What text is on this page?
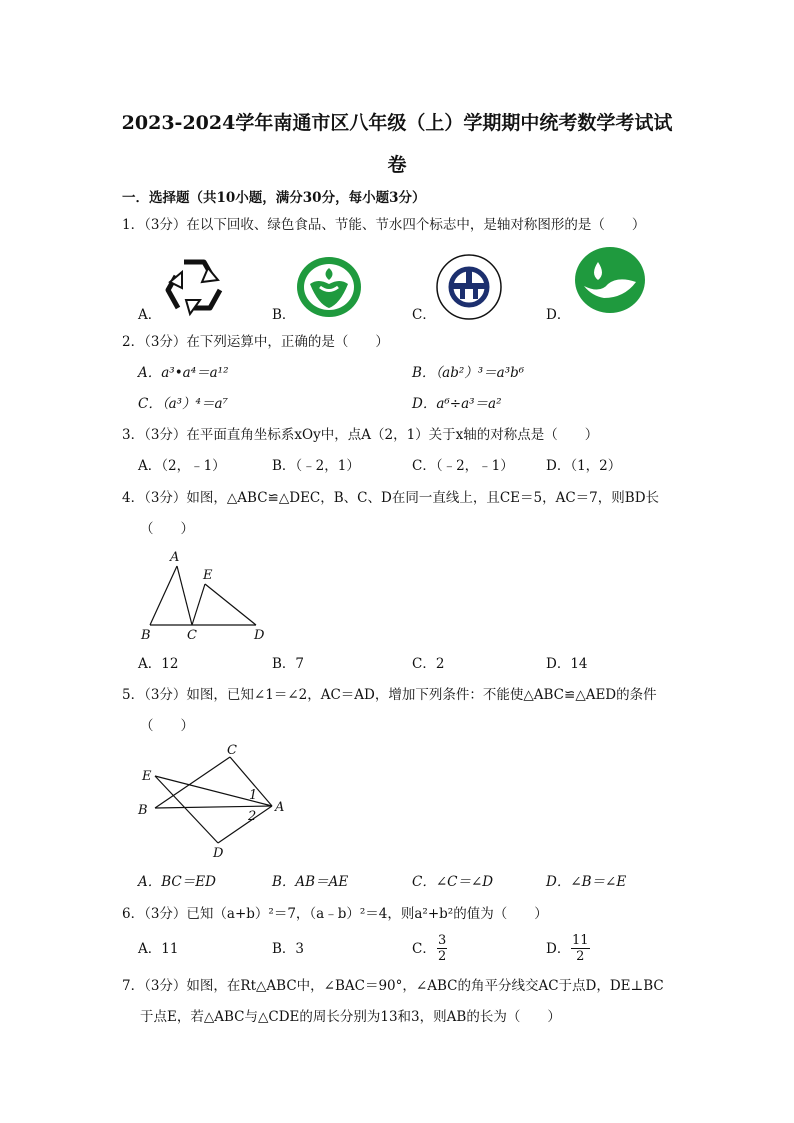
2023-2024学年南通市区八年级（上）学期期中统考数学考试试
卷
一．选择题（共10小题，满分30分，每小题3分）
1．（3分）在以下回收、绿色食品、节能、节水四个标志中，是轴对称图形的是（　　）
A．	B．	C．	D．
2．（3分）在下列运算中，正确的是（　　）
A．a³•a⁴＝a¹²	B．（ab²）³＝a³b⁶
C．（a³）⁴＝a⁷	D．a⁶÷a³＝a²
3．（3分）在平面直角坐标系xOy中，点A（2，1）关于x轴的对称点是（　　）
A．（2，﹣1）	B．（﹣2，1）	C．（﹣2，﹣1） D．（1，2）
4．（3分）如图，△ABC≌△DEC，B、C、D在同一直线上，且CE＝5，AC＝7，则BD长
（　　）
A
E
B	C	D
A．12	B．7	C．2	D．14
5．（3分）如图，已知∠1＝∠2，AC＝AD，增加下列条件：不能使△ABC≌△AED的条件
（　　）
C
E
B	A
1
2
D
A．BC＝ED	B．AB＝AE	C．∠C＝∠D	D．∠B＝∠E
6．（3分）已知（a+b）²＝7，（a﹣b）²＝4，则a²+b²的值为（　　）
A．11	B．3	C． $\frac{3}{2}$	D． $\frac{11}{2}$
7．（3分）如图，在Rt△ABC中，∠BAC＝90°，∠ABC的角平分线交AC于点D，DE⊥BC
于点E，若△ABC与△CDE的周长分别为13和3，则AB的长为（　　）
